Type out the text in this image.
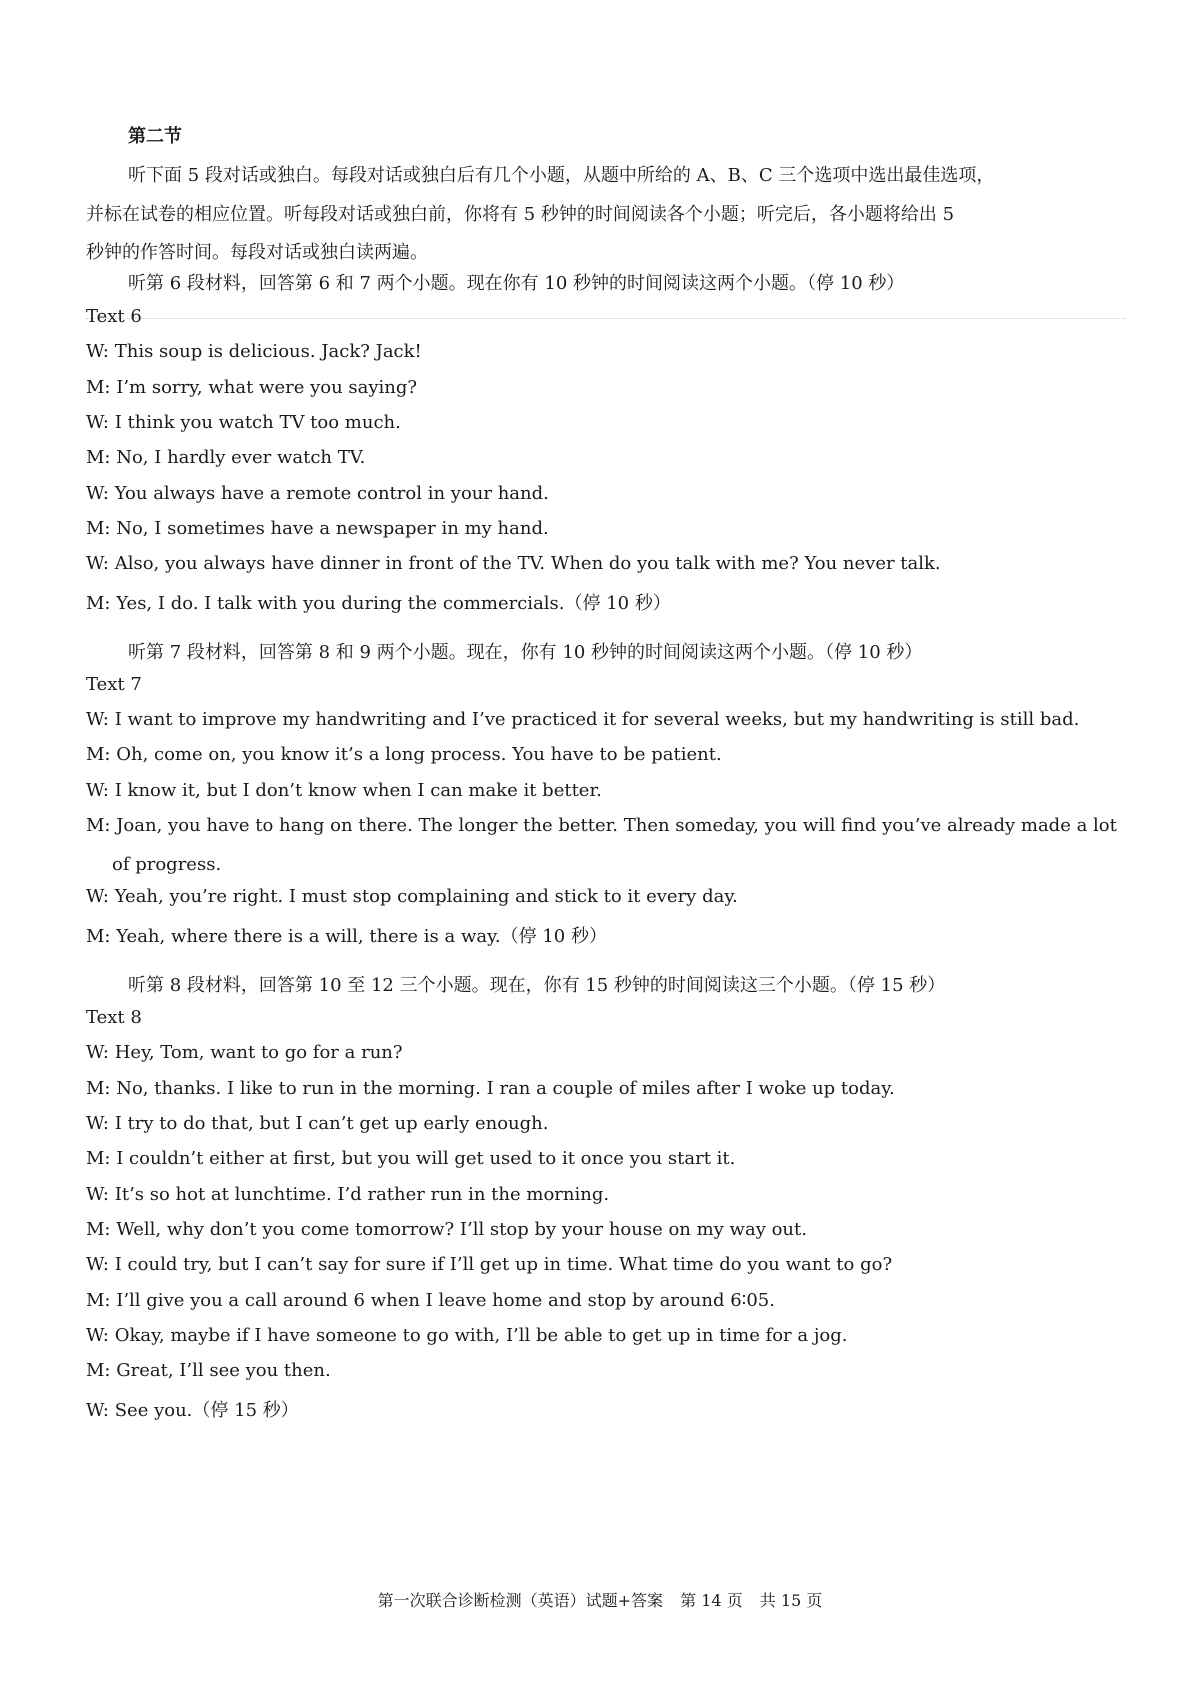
第二节
听下面 5 段对话或独白。每段对话或独白后有几个小题，从题中所给的 A、B、C 三个选项中选出最佳选项，
并标在试卷的相应位置。听每段对话或独白前，你将有 5 秒钟的时间阅读各个小题；听完后，各小题将给出 5
秒钟的作答时间。每段对话或独白读两遍。
听第 6 段材料，回答第 6 和 7 两个小题。现在你有 10 秒钟的时间阅读这两个小题。（停 10 秒）
Text 6
W: This soup is delicious. Jack? Jack!
M: I’m sorry, what were you saying?
W: I think you watch TV too much.
M: No, I hardly ever watch TV.
W: You always have a remote control in your hand.
M: No, I sometimes have a newspaper in my hand.
W: Also, you always have dinner in front of the TV. When do you talk with me? You never talk.
M: Yes, I do. I talk with you during the commercials.（停 10 秒）
听第 7 段材料，回答第 8 和 9 两个小题。现在，你有 10 秒钟的时间阅读这两个小题。（停 10 秒）
Text 7
W: I want to improve my handwriting and I’ve practiced it for several weeks, but my handwriting is still bad.
M: Oh, come on, you know it’s a long process. You have to be patient.
W: I know it, but I don’t know when I can make it better.
M: Joan, you have to hang on there. The longer the better. Then someday, you will find you’ve already made a lot of progress.
W: Yeah, you’re right. I must stop complaining and stick to it every day.
M: Yeah, where there is a will, there is a way.（停 10 秒）
听第 8 段材料，回答第 10 至 12 三个小题。现在，你有 15 秒钟的时间阅读这三个小题。（停 15 秒）
Text 8
W: Hey, Tom, want to go for a run?
M: No, thanks. I like to run in the morning. I ran a couple of miles after I woke up today.
W: I try to do that, but I can’t get up early enough.
M: I couldn’t either at first, but you will get used to it once you start it.
W: It’s so hot at lunchtime. I’d rather run in the morning.
M: Well, why don’t you come tomorrow? I’ll stop by your house on my way out.
W: I could try, but I can’t say for sure if I’ll get up in time. What time do you want to go?
M: I’ll give you a call around 6 when I leave home and stop by around 6∶05.
W: Okay, maybe if I have someone to go with, I’ll be able to get up in time for a jog.
M: Great, I’ll see you then.
W: See you.（停 15 秒）
第一次联合诊断检测（英语）试题+答案 第 14 页 共 15 页
